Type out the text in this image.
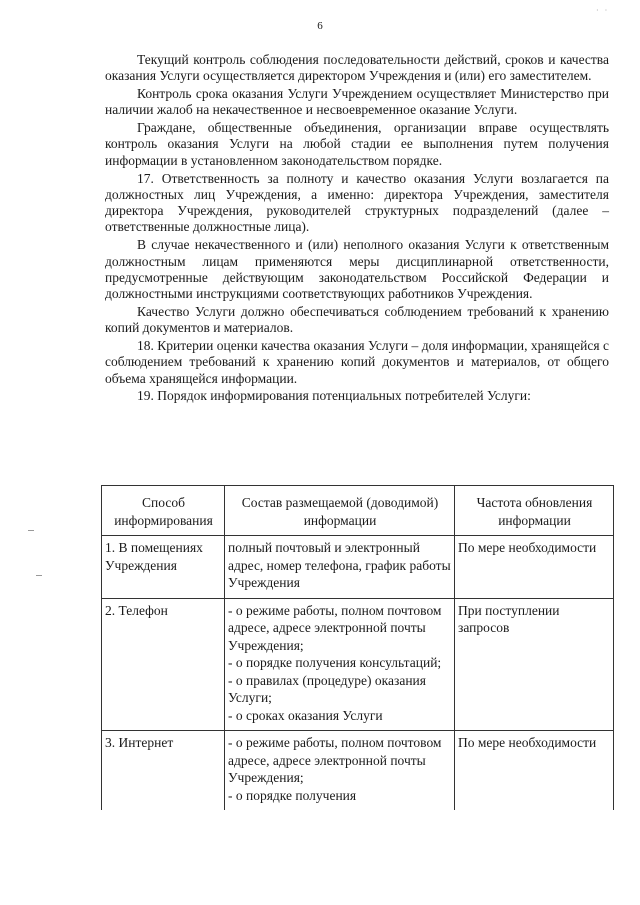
· ·
6

Текущий контроль соблюдения последовательности действий, сроков и качества оказания Услуги осуществляется директором Учреждения и (или) его заместителем.

Контроль срока оказания Услуги Учреждением осуществляет Министерство при наличии жалоб на некачественное и несвоевременное оказание Услуги.

Граждане, общественные объединения, организации вправе осуществлять контроль оказания Услуги на любой стадии ее выполнения путем получения информации в установленном законодательством порядке.

17. Ответственность за полноту и качество оказания Услуги возлагается па должностных лиц Учреждения, а именно: директора Учреждения, заместителя директора Учреждения, руководителей структурных подразделений (далее – ответственные должностные лица).

В случае некачественного и (или) неполного оказания Услуги к ответственным должностным лицам применяются меры дисциплинарной ответственности, предусмотренные действующим законодательством Российской Федерации и должностными инструкциями соответствующих работников Учреждения.

Качество Услуги должно обеспечиваться соблюдением требований к хранению копий документов и материалов.

18. Критерии оценки качества оказания Услуги – доля информации, хранящейся с соблюдением требований к хранению копий документов и материалов, от общего объема хранящейся информации.

19. Порядок информирования потенциальных потребителей Услуги:

Способ информирования	Состав размещаемой (доводимой) информации	Частота обновления информации

1. В помещениях Учреждения	полный почтовый и электронный адрес, номер телефона, график работы Учреждения	По мере необходимости

2. Телефон	- о режиме работы, полном почтовом адресе, адресе электронной почты Учреждения;
- о порядке получения консультаций;
- о правилах (процедуре) оказания Услуги;
- о сроках оказания Услуги	При поступлении запросов

3. Интернет	- о режиме работы, полном почтовом адресе, адресе электронной почты Учреждения;
- о порядке получения	По мере необходимости
